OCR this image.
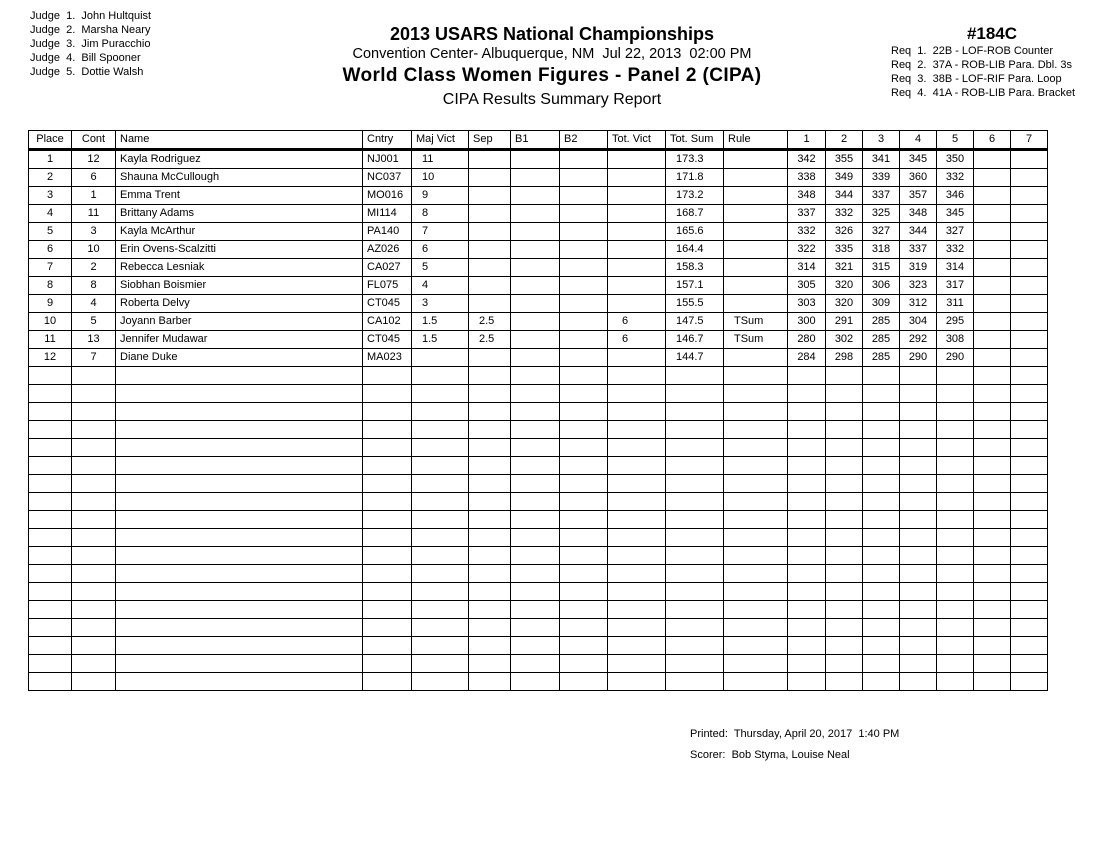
Judge  1.  John Hultquist
Judge  2.  Marsha Neary
Judge  3.  Jim Puracchio
Judge  4.  Bill Spooner
Judge  5.  Dottie Walsh
2013 USARS National Championships
Convention Center- Albuquerque, NM  Jul 22, 2013  02:00 PM
World Class Women Figures - Panel 2 (CIPA)
CIPA Results Summary Report
#184C
Req  1.  22B - LOF-ROB Counter
Req  2.  37A - ROB-LIB Para. Dbl. 3s
Req  3.  38B - LOF-RIF Para. Loop
Req  4.  41A - ROB-LIB Para. Bracket
Place	Cont	Name	Cntry	Maj Vict	Sep	B1	B2	Tot. Vict	Tot. Sum	Rule	1	2	3	4	5	6	7
1	12	Kayla Rodriguez	NJ001	11					173.3		342	355	341	345	350		
2	6	Shauna McCullough	NC037	10					171.8		338	349	339	360	332		
3	1	Emma Trent	MO016	9					173.2		348	344	337	357	346		
4	11	Brittany Adams	MI114	8					168.7		337	332	325	348	345		
5	3	Kayla McArthur	PA140	7					165.6		332	326	327	344	327		
6	10	Erin Ovens-Scalzitti	AZ026	6					164.4		322	335	318	337	332		
7	2	Rebecca Lesniak	CA027	5					158.3		314	321	315	319	314		
8	8	Siobhan Boismier	FL075	4					157.1		305	320	306	323	317		
9	4	Roberta Delvy	CT045	3					155.5		303	320	309	312	311		
10	5	Joyann Barber	CA102	1.5	2.5			6	147.5	TSum	300	291	285	304	295		
11	13	Jennifer Mudawar	CT045	1.5	2.5			6	146.7	TSum	280	302	285	292	308		
12	7	Diane Duke	MA023						144.7		284	298	285	290	290		

Printed:  Thursday, April 20, 2017  1:40 PM
Scorer:  Bob Styma, Louise Neal
